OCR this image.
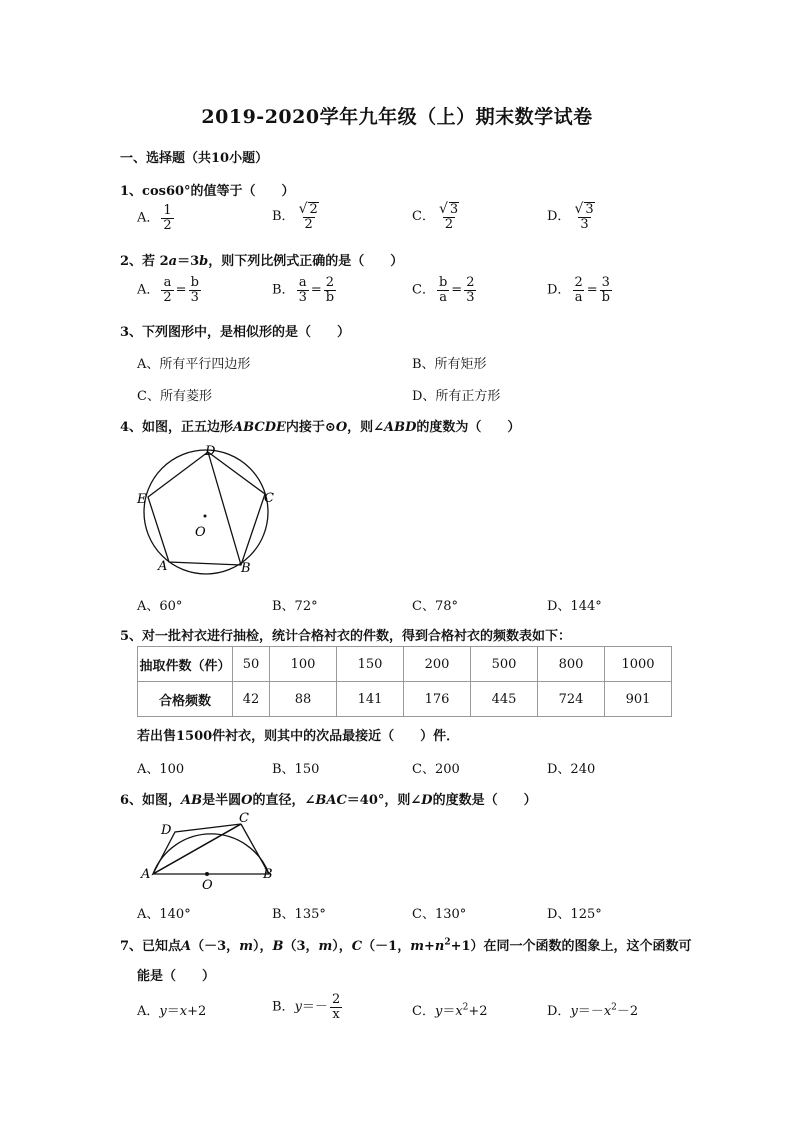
2019-2020学年九年级（上）期末数学试卷
一、选择题（共10小题）
1、cos60°的值等于（　　）
A． $\frac{1}{2}$	B． $\frac{√ 2}{2}$	C． $\frac{√ 3}{2}$	D． $\frac{√ 3}{3}$
2、若 2a＝3b，则下列比例式正确的是（　　）
A． $\frac{a}{2} = \frac{b}{3}$	B． $\frac{a}{3} = \frac{2}{b}$	C． $\frac{b}{a} = \frac{2}{3}$	D． $\frac{2}{a} = \frac{3}{b}$
3、下列图形中，是相似形的是（　　）
A、所有平行四边形	B、所有矩形
C、所有菱形	D、所有正方形
4、如图，正五边形ABCDE内接于⊙O，则∠ABD的度数为（　　）
D
C
E
O
A	B
A、60°	B、72°	C、78°	D、144°
5、对一批衬衣进行抽检，统计合格衬衣的件数，得到合格衬衣的频数表如下：
抽取件数（件）	50	100	150	200	500	800	1000
合格频数	42	88	141	176	445	724	901
若出售1500件衬衣，则其中的次品最接近（　　）件．
A、100	B、150	C、200	D、240
6、如图，AB是半圆O的直径，∠BAC＝40°，则∠D的度数是（　　）
A	B
C
D
O
A、140°	B、135°	C、130°	D、125°
7、已知点A（－3，m），B（3，m），C（－1，$m+n^2+1$）在同一个函数的图象上，这个函数可
能是（　　）
A．y＝x+2	B．$y=- \frac{2}{x}$	C．$y=x^2+2$	D．$y=-x^2-2$
